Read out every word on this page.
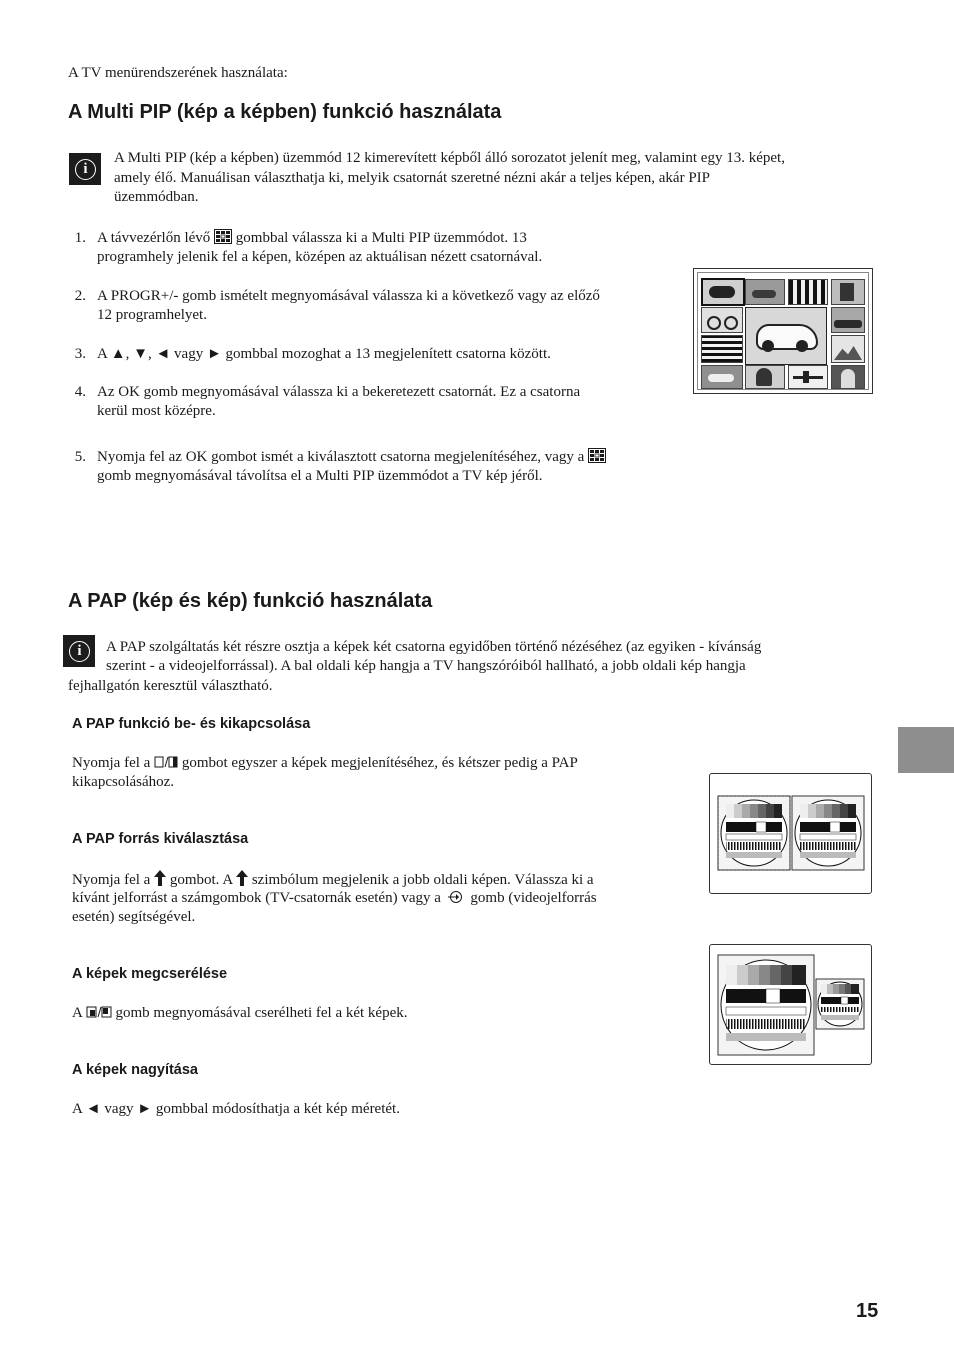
A TV menürendszerének használata:
A Multi PIP (kép a képben) funkció használata
i
A Multi PIP (kép a képben) üzemmód 12 kimerevített képből álló sorozatot jelenít meg, valamint egy 13. képet,
amely élő. Manuálisan választhatja ki, melyik csatornát szeretné nézni akár a teljes képen, akár PIP
üzemmódban.
1. A távvezérlőn lévő gombbal válassza ki a Multi PIP üzemmódot. 13
programhely jelenik fel a képen, középen az aktuálisan nézett csatornával.
2. A PROGR+/- gomb ismételt megnyomásával válassza ki a következő vagy az előző
12 programhelyet.
3. A ▲, ▼, ◄ vagy ► gombbal mozoghat a 13 megjelenített csatorna között.
4. Az OK gomb megnyomásával válassza ki a bekeretezett csatornát. Ez a csatorna
kerül most középre.
5. Nyomja fel az OK gombot ismét a kiválasztott csatorna megjelenítéséhez, vagy a
gomb megnyomásával távolítsa el a Multi PIP üzemmódot a TV kép jéről.
A PAP (kép és kép) funkció használata
i	A PAP szolgáltatás két részre osztja a képek két csatorna egyidőben történő nézéséhez (az egyiken - kívánság
szerint - a videojelforrással). A bal oldali kép hangja a TV hangszóróiból hallható, a jobb oldali kép hangja
fejhallgatón keresztül választható.
A PAP funkció be- és kikapcsolása
Nyomja fel a gombot egyszer a képek megjelenítéséhez, és kétszer pedig a PAP
kikapcsolásához.
A PAP forrás kiválasztása
Nyomja fel a gombot. A szimbólum megjelenik a jobb oldali képen. Válassza ki a
kívánt jelforrást a számgombok (TV-csatornák esetén) vagy a gomb (videojelforrás
esetén) segítségével.
A képek megcserélése
A gomb megnyomásával cserélheti fel a két képek.
A képek nagyítása
A ◄ vagy ► gombbal módosíthatja a két kép méretét.
15
